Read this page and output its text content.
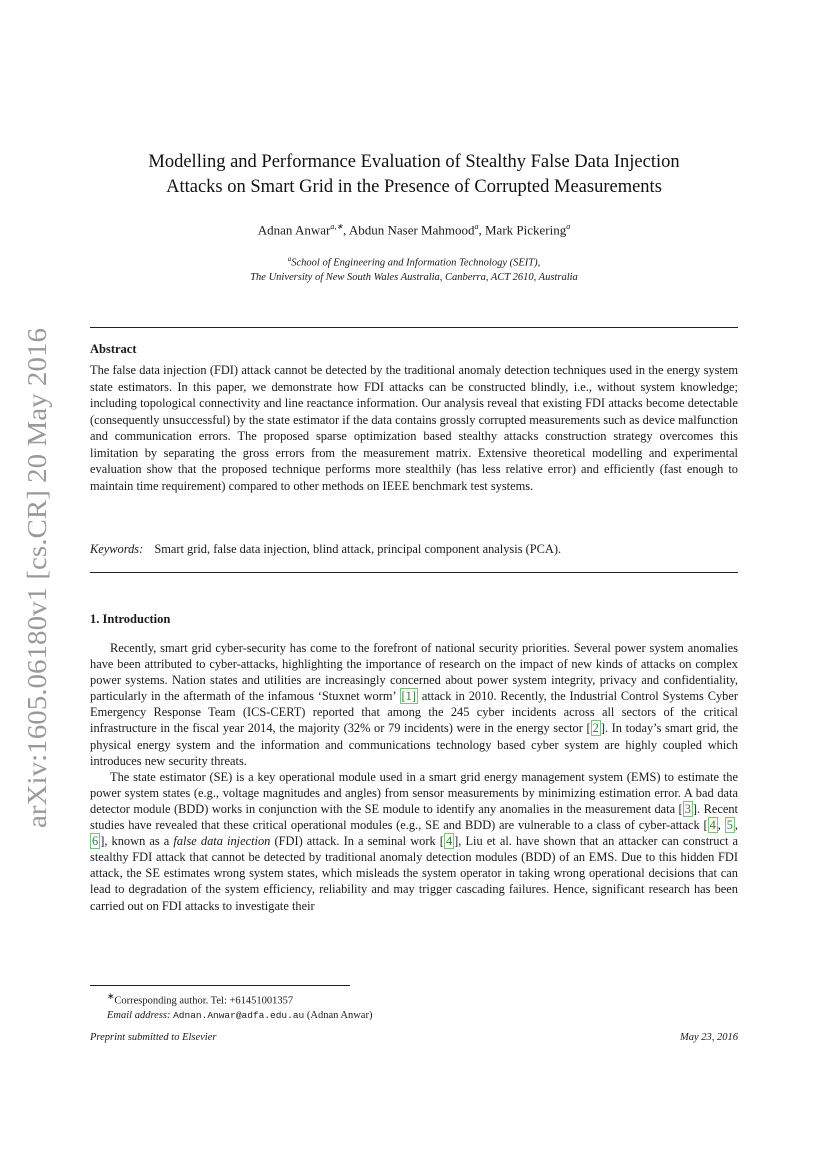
arXiv:1605.06180v1 [cs.CR] 20 May 2016
Modelling and Performance Evaluation of Stealthy False Data Injection
Attacks on Smart Grid in the Presence of Corrupted Measurements
Adnan Anwar$^{a,∗}$, Abdun Naser Mahmood$^a$, Mark Pickering$^a$
$^a$School of Engineering and Information Technology (SEIT),
The University of New South Wales Australia, Canberra, ACT 2610, Australia
Abstract
The false data injection (FDI) attack cannot be detected by the traditional anomaly detection techniques used in the energy system state estimators. In this paper, we demonstrate how FDI attacks can be constructed blindly, i.e., without system knowledge; including topological connectivity and line reactance information. Our analysis reveal that existing FDI attacks become detectable (consequently unsuccessful) by the state estimator if the data contains grossly corrupted measurements such as device malfunction and communication errors. The proposed sparse optimization based stealthy attacks construction strategy overcomes this limitation by separating the gross errors from the measurement matrix. Extensive theoretical modelling and experimental evaluation show that the proposed technique performs more stealthily (has less relative error) and efficiently (fast enough to maintain time requirement) compared to other methods on IEEE benchmark test systems.
Keywords: Smart grid, false data injection, blind attack, principal component analysis (PCA).
1. Introduction

Recently, smart grid cyber-security has come to the forefront of national security priorities. Several power system anomalies have been attributed to cyber-attacks, highlighting the importance of research on the impact of new kinds of attacks on complex power systems. Nation states and utilities are increasingly concerned about power system integrity, privacy and confidentiality, particularly in the aftermath of the infamous ‘Stuxnet worm’ [1] attack in 2010. Recently, the Industrial Control Systems Cyber Emergency Response Team (ICS-CERT) reported that among the 245 cyber incidents across all sectors of the critical infrastructure in the fiscal year 2014, the majority (32% or 79 incidents) were in the energy sector [ 2 ]. In today’s smart grid, the physical energy system and the information and communications technology based cyber system are highly coupled which introduces new security threats.

The state estimator (SE) is a key operational module used in a smart grid energy management system (EMS) to estimate the power system states (e.g., voltage magnitudes and angles) from sensor measurements by minimizing estimation error. A bad data detector module (BDD) works in conjunction with the SE module to identify any anomalies in the measurement data [ 3 ]. Recent studies have revealed that these critical operational modules (e.g., SE and BDD) are vulnerable to a class of cyber-attack [ 4 , 5 , 6 ], known as a false data injection (FDI) attack. In a seminal work [ 4 ], Liu et al. have shown that an attacker can construct a stealthy FDI attack that cannot be detected by traditional anomaly detection modules (BDD) of an EMS. Due to this hidden FDI attack, the SE estimates wrong system states, which misleads the system operator in taking wrong operational decisions that can lead to degradation of the system efficiency, reliability and may trigger cascading failures. Hence, significant research has been carried out on FDI attacks to investigate their

∗Corresponding author. Tel: +61451001357
Email address: Adnan.Anwar@adfa.edu.au (Adnan Anwar)
Preprint submitted to Elsevier	May 23, 2016
